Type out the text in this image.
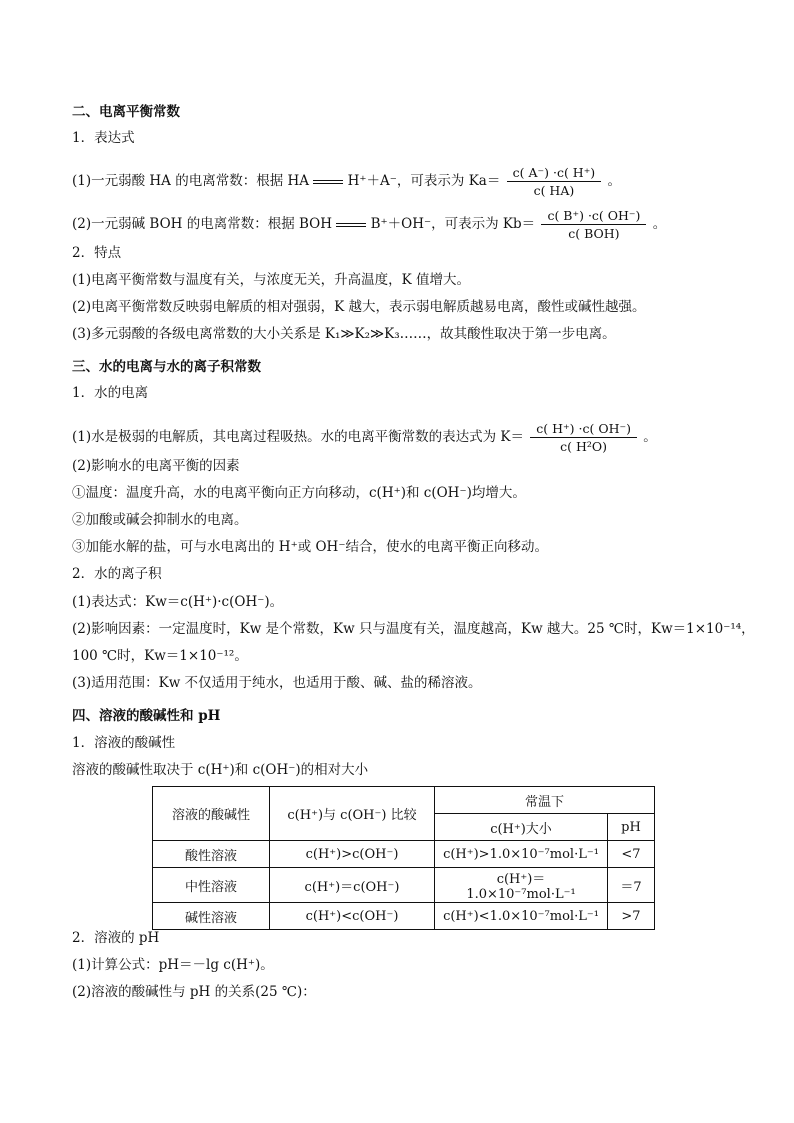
二、电离平衡常数
1．表达式
(1)一元弱酸 HA 的电离常数：根据 HA	H⁺＋A⁻，可表示为 $Ka= \frac{c( A^-) \cdot c( H^+)}{c( HA)}$ 。
(2)一元弱碱 BOH 的电离常数：根据 BOH	B⁺＋OH⁻，可表示为 $Kb= \frac{c( B^+) \cdot c( OH^-)}{\text{c( BOH)}}$ 。
2．特点
(1)电离平衡常数与温度有关，与浓度无关，升高温度，K 值增大。
(2)电离平衡常数反映弱电解质的相对强弱，K 越大，表示弱电解质越易电离，酸性或碱性越强。
(3)多元弱酸的各级电离常数的大小关系是 K₁≫K₂≫K₃……，故其酸性取决于第一步电离。
三、水的电离与水的离子积常数
1．水的电离
(1)水是极弱的电解质，其电离过程吸热。水的电离平衡常数的表达式为 $K= \frac{c( H^+) \cdot c( OH^-)}{\text{c( H²O)}}$ 。
(2)影响水的电离平衡的因素
①温度：温度升高，水的电离平衡向正方向移动，c(H⁺)和 c(OH⁻)均增大。
②加酸或碱会抑制水的电离。
③加能水解的盐，可与水电离出的 H⁺或 OH⁻结合，使水的电离平衡正向移动。
2．水的离子积
(1)表达式：Kw＝c(H⁺)·c(OH⁻)。
(2)影响因素：一定温度时，Kw 是个常数，Kw 只与温度有关，温度越高，Kw 越大。25 ℃时，Kw＝1×10⁻¹⁴，
100 ℃时，Kw＝1×10⁻¹²。
(3)适用范围：Kw 不仅适用于纯水，也适用于酸、碱、盐的稀溶液。
四、溶液的酸碱性和 pH
1．溶液的酸碱性
溶液的酸碱性取决于 c(H⁺)和 c(OH⁻)的相对大小
溶液的酸碱性	c(H⁺)与 c(OH⁻) 比较	常温下	
		c(H⁺)大小	pH
酸性溶液	c(H⁺)>c(OH⁻)	c(H⁺)>1.0×10⁻⁷mol·L⁻¹	<7
中性溶液	c(H⁺)＝c(OH⁻)	c(H⁺)＝1.0×10⁻⁷mol·L⁻¹	＝7
碱性溶液	c(H⁺)<c(OH⁻)	c(H⁺)<1.0×10⁻⁷mol·L⁻¹	>7
2．溶液的 pH
(1)计算公式：pH＝－lg c(H⁺)。
(2)溶液的酸碱性与 pH 的关系(25 ℃)：
